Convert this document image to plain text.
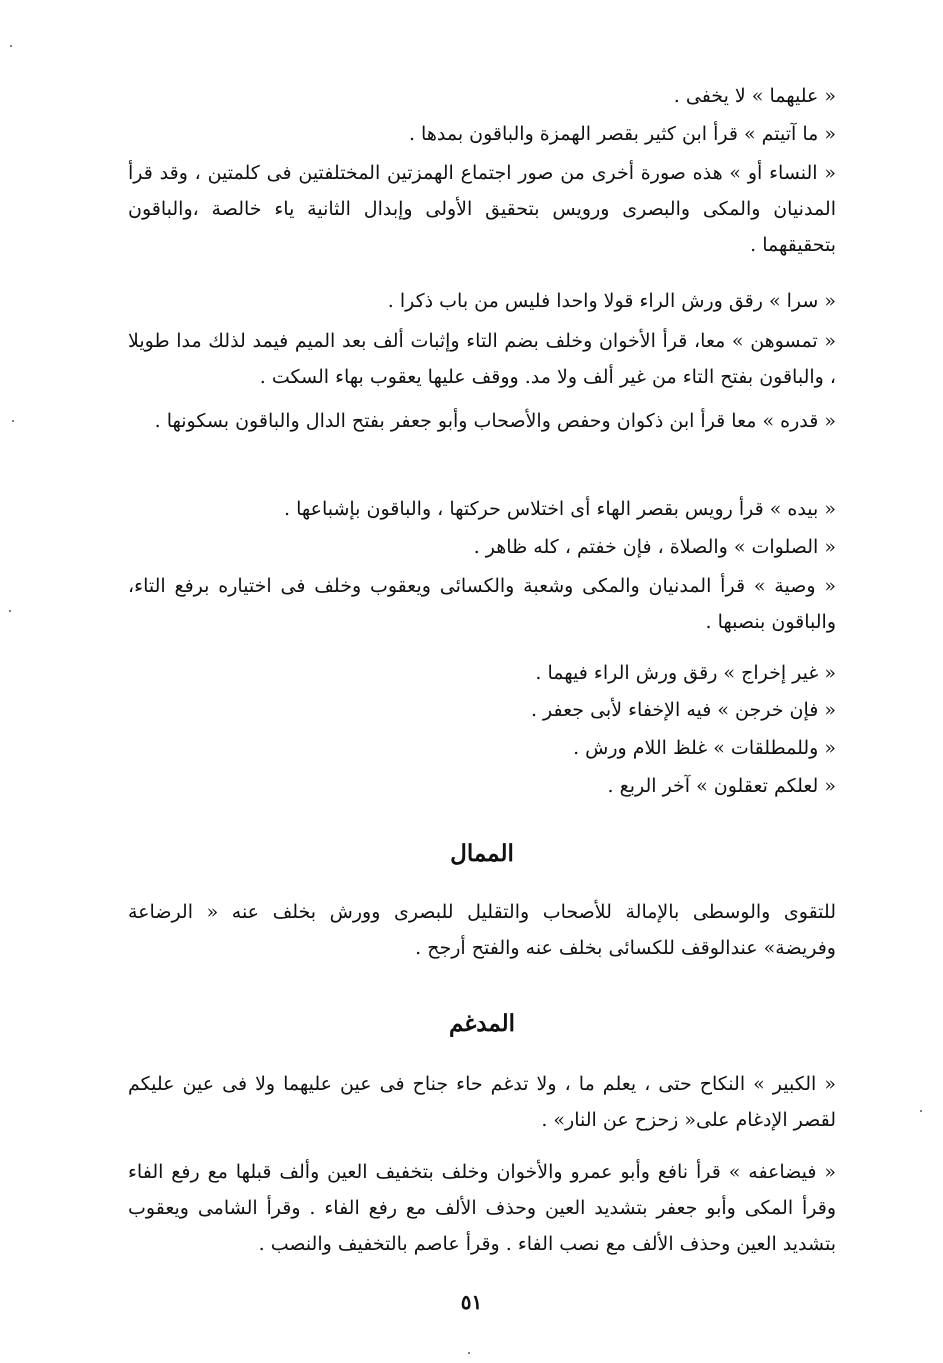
« عليهما » لا يخفى .

« ما آتيتم » قرأ ابن كثير بقصر الهمزة والباقون بمدها .

« النساء أو » هذه صورة أخرى من صور اجتماع الهمزتين المختلفتين فى كلمتين ، وقد قرأ المدنيان والمكى والبصرى ورويس بتحقيق الأولى وإبدال الثانية ياء خالصة ،والباقون بتحقيقهما .

« سرا » رقق ورش الراء قولا واحدا فليس من باب ذكرا .

« تمسوهن » معا، قرأ الأخوان وخلف بضم التاء وإثبات ألف بعد الميم فيمد لذلك مدا طويلا ، والباقون بفتح التاء من غير ألف ولا مد. ووقف عليها يعقوب بهاء السكت .

« قدره » معا قرأ ابن ذكوان وحفص والأصحاب وأبو جعفر بفتح الدال والباقون بسكونها .

« بيده » قرأ رويس بقصر الهاء أى اختلاس حركتها ، والباقون بإشباعها .

« الصلوات » والصلاة ، فإن خفتم ، كله ظاهر .

« وصية » قرأ المدنيان والمكى وشعبة والكسائى ويعقوب وخلف فى اختياره برفع التاء، والباقون بنصبها .

« غير إخراج » رقق ورش الراء فيهما .

« فإن خرجن » فيه الإخفاء لأبى جعفر .

« وللمطلقات » غلظ اللام ورش .

« لعلكم تعقلون » آخر الربع .

الممال

للتقوى والوسطى بالإمالة للأصحاب والتقليل للبصرى وورش بخلف عنه « الرضاعة وفريضة» عندالوقف للكسائى بخلف عنه والفتح أرجح .

المدغم

« الكبير » النكاح حتى ، يعلم ما ، ولا تدغم حاء جناح فى عين عليهما ولا فى عين عليكم لقصر الإدغام على« زحزح عن النار» .

« فيضاعفه » قرأ نافع وأبو عمرو والأخوان وخلف بتخفيف العين وألف قبلها مع رفع الفاء وقرأ المكى وأبو جعفر بتشديد العين وحذف الألف مع رفع الفاء . وقرأ الشامى ويعقوب بتشديد العين وحذف الألف مع نصب الفاء . وقرأ عاصم بالتخفيف والنصب .

٥١
